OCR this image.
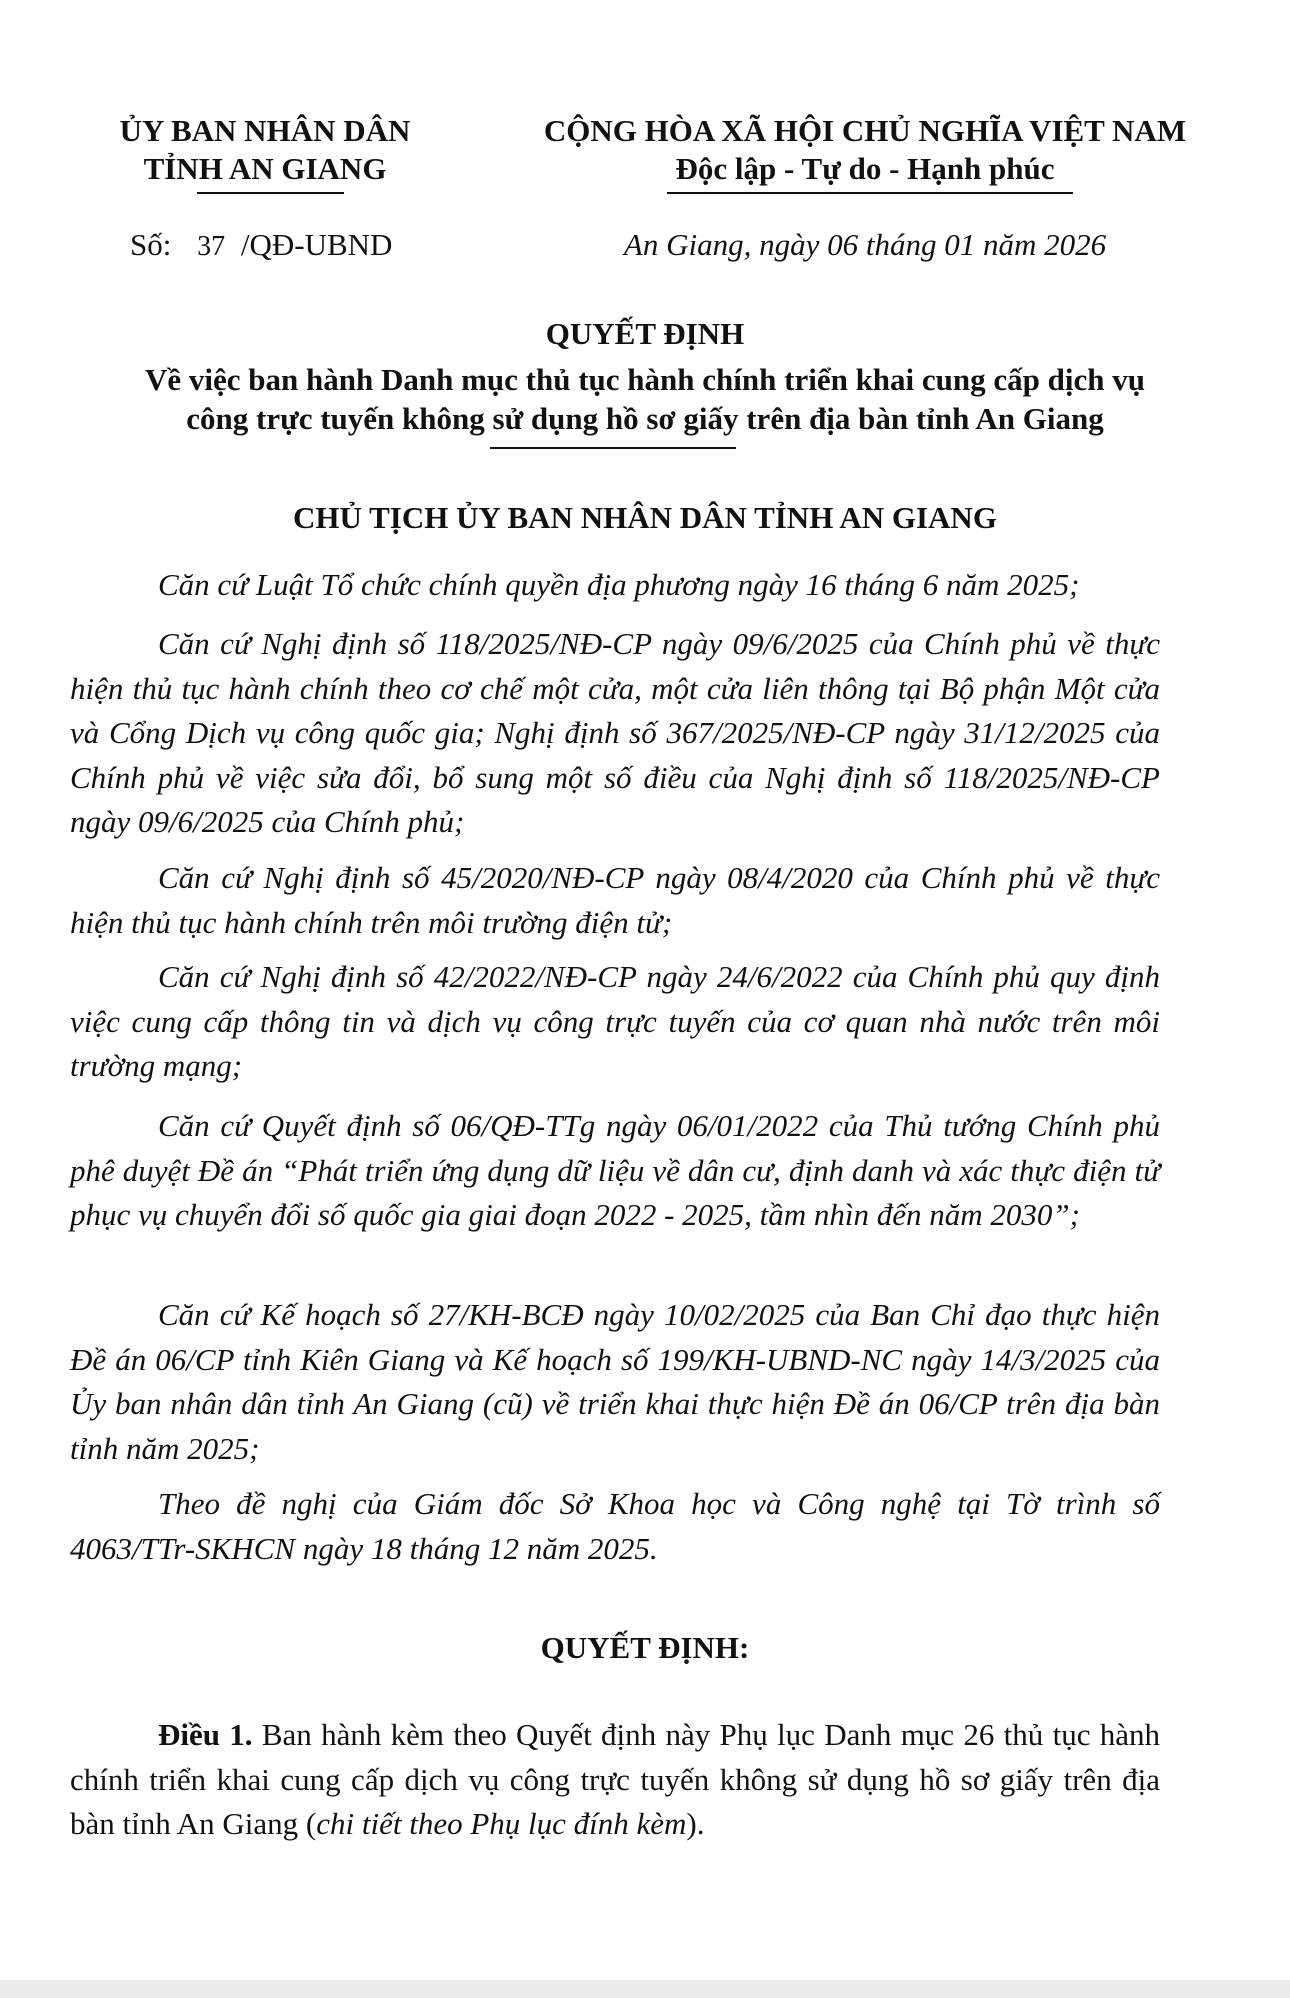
ỦY BAN NHÂN DÂN
TỈNH AN GIANG
CỘNG HÒA XÃ HỘI CHỦ NGHĨA VIỆT NAM
Độc lập - Tự do - Hạnh phúc
Số: 37 /QĐ-UBND	An Giang, ngày 06 tháng 01 năm 2026
QUYẾT ĐỊNH
Về việc ban hành Danh mục thủ tục hành chính triển khai cung cấp dịch vụ
công trực tuyến không sử dụng hồ sơ giấy trên địa bàn tỉnh An Giang
CHỦ TỊCH ỦY BAN NHÂN DÂN TỈNH AN GIANG
Căn cứ Luật Tổ chức chính quyền địa phương ngày 16 tháng 6 năm 2025;
Căn cứ Nghị định số 118/2025/NĐ-CP ngày 09/6/2025 của Chính phủ về thực hiện thủ tục hành chính theo cơ chế một cửa, một cửa liên thông tại Bộ phận Một cửa và Cổng Dịch vụ công quốc gia; Nghị định số 367/2025/NĐ-CP ngày 31/12/2025 của Chính phủ về việc sửa đổi, bổ sung một số điều của Nghị định số 118/2025/NĐ-CP ngày 09/6/2025 của Chính phủ;
Căn cứ Nghị định số 45/2020/NĐ-CP ngày 08/4/2020 của Chính phủ về thực hiện thủ tục hành chính trên môi trường điện tử;
Căn cứ Nghị định số 42/2022/NĐ-CP ngày 24/6/2022 của Chính phủ quy định việc cung cấp thông tin và dịch vụ công trực tuyến của cơ quan nhà nước trên môi trường mạng;
Căn cứ Quyết định số 06/QĐ-TTg ngày 06/01/2022 của Thủ tướng Chính phủ phê duyệt Đề án “Phát triển ứng dụng dữ liệu về dân cư, định danh và xác thực điện tử phục vụ chuyển đổi số quốc gia giai đoạn 2022 - 2025, tầm nhìn đến năm 2030”;
Căn cứ Kế hoạch số 27/KH-BCĐ ngày 10/02/2025 của Ban Chỉ đạo thực hiện Đề án 06/CP tỉnh Kiên Giang và Kế hoạch số 199/KH-UBND-NC ngày 14/3/2025 của Ủy ban nhân dân tỉnh An Giang (cũ) về triển khai thực hiện Đề án 06/CP trên địa bàn tỉnh năm 2025;
Theo đề nghị của Giám đốc Sở Khoa học và Công nghệ tại Tờ trình số 4063/TTr-SKHCN ngày 18 tháng 12 năm 2025.
QUYẾT ĐỊNH:
Điều 1. Ban hành kèm theo Quyết định này Phụ lục Danh mục 26 thủ tục hành chính triển khai cung cấp dịch vụ công trực tuyến không sử dụng hồ sơ giấy trên địa bàn tỉnh An Giang (chi tiết theo Phụ lục đính kèm).
